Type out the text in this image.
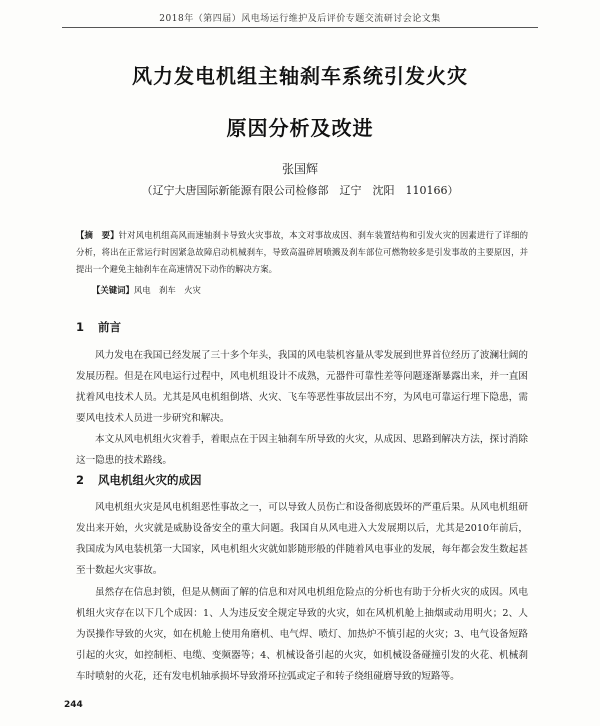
2018年（第四届）风电场运行维护及后评价专题交流研讨会论文集
风力发电机组主轴刹车系统引发火灾
原因分析及改进
张国辉
（辽宁大唐国际新能源有限公司检修部　辽宁　沈阳　110166）
【摘　要】针对风电机组高风而速轴刹卡导致火灾事故，本文对事故成因、刹车装置结构和引发火灾的因素进行了详细的分析，将出在正常运行时因紧急故障启动机械刹车，导致高温碎屑喷溅及刹车部位可燃物较多是引发事故的主要原因，并提出一个避免主轴刹车在高速情况下动作的解决方案。
【关键词】风电　刹车　火灾
1 前言

风力发电在我国已经发展了三十多个年头，我国的风电装机容量从零发展到世界首位经历了波澜壮阔的发展历程。但是在风电运行过程中，风电机组设计不成熟，元器件可靠性差等问题逐渐暴露出来，并一直困扰着风电技术人员。尤其是风电机组倒塔、火灾、飞车等恶性事故层出不穷，为风电可靠运行埋下隐患，需要风电技术人员进一步研究和解决。

本文从风电机组火灾着手，着眼点在于因主轴刹车所导致的火灾，从成因、思路到解决方法，探讨消除这一隐患的技术路线。

2 风电机组火灾的成因

风电机组火灾是风电机组恶性事故之一，可以导致人员伤亡和设备彻底毁坏的严重后果。从风电机组研发出来开始，火灾就是威胁设备安全的重大问题。我国自从风电进入大发展期以后，尤其是2010年前后，我国成为风电装机第一大国家，风电机组火灾就如影随形般的伴随着风电事业的发展，每年都会发生数起甚至十数起火灾事故。

虽然存在信息封锁，但是从侧面了解的信息和对风电机组危险点的分析也有助于分析火灾的成因。风电机组火灾存在以下几个成因：1、人为违反安全规定导致的火灾，如在风机机舱上抽烟或动用明火；2、人为误操作导致的火灾，如在机舱上使用角磨机、电气焊、喷灯、加热炉不慎引起的火灾；3、电气设备短路引起的火灾，如控制柜、电缆、变频器等；4、机械设备引起的火灾，如机械设备碰撞引发的火花、机械刹车时喷射的火花，还有发电机轴承损坏导致滑环拉弧或定子和转子绕组碰磨导致的短路等。

244
